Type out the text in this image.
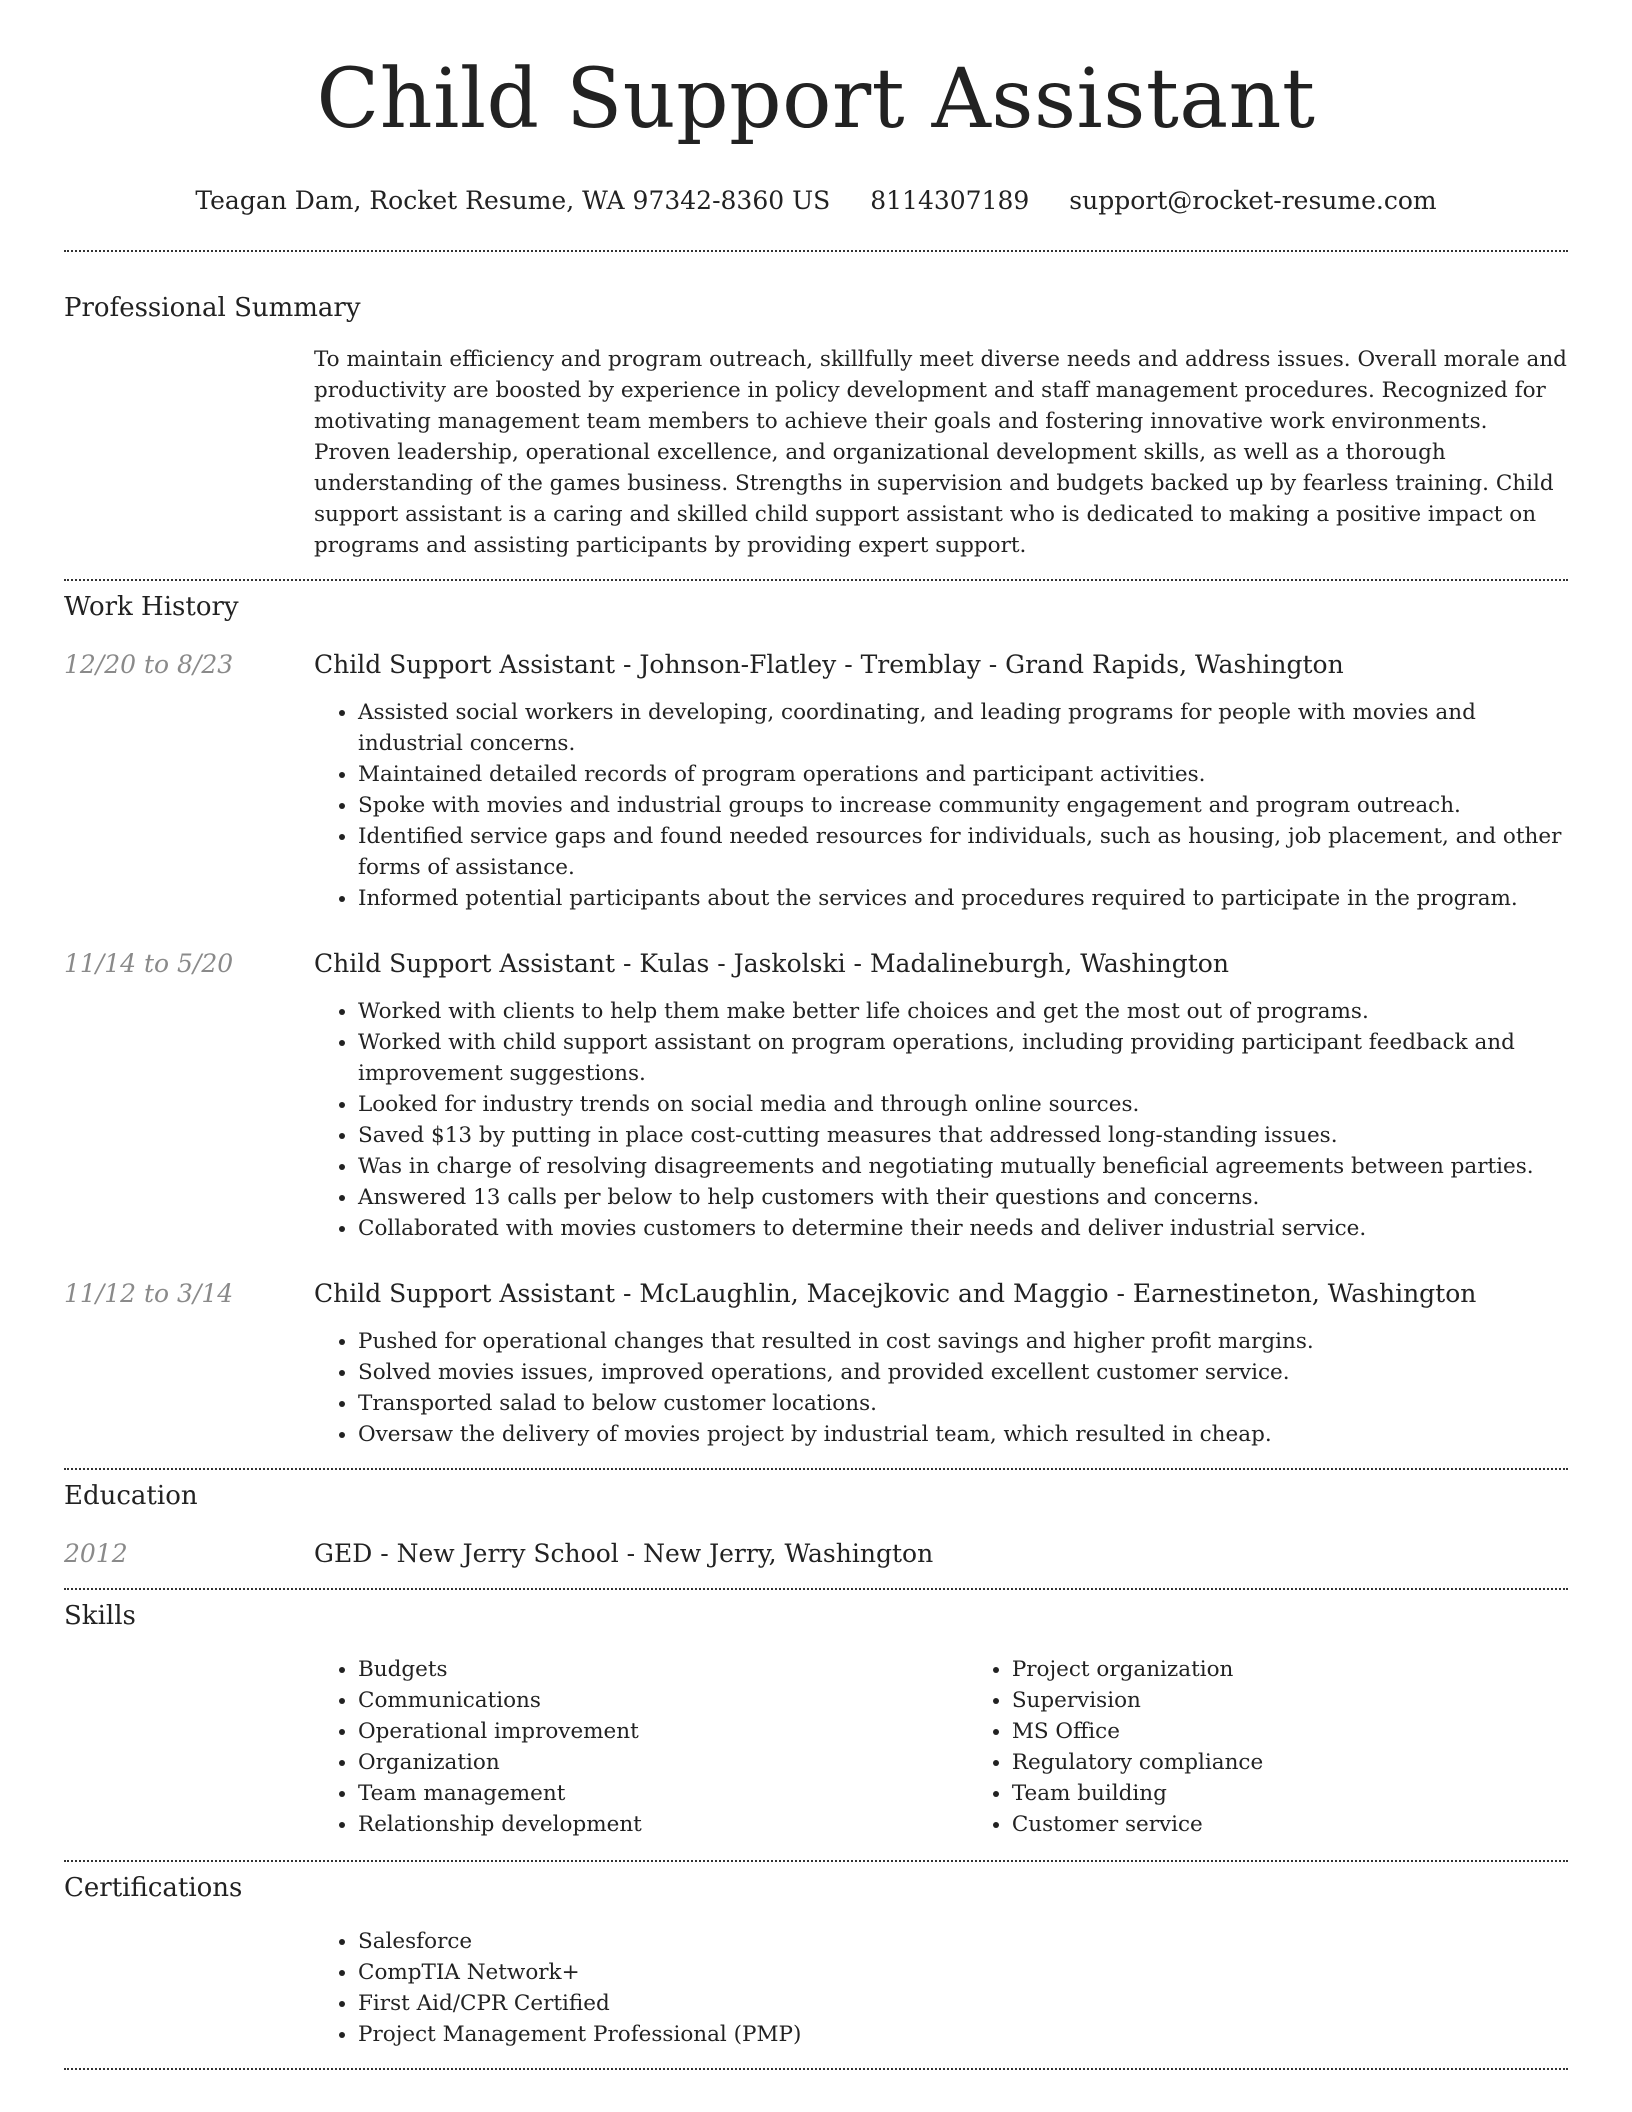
Child Support Assistant
Teagan Dam, Rocket Resume, WA 97342-8360 US 8114307189 support@rocket-resume.com
Professional Summary
To maintain efficiency and program outreach, skillfully meet diverse needs and address issues. Overall morale and productivity are boosted by experience in policy development and staff management procedures. Recognized for motivating management team members to achieve their goals and fostering innovative work environments. Proven leadership, operational excellence, and organizational development skills, as well as a thorough understanding of the games business. Strengths in supervision and budgets backed up by fearless training. Child support assistant is a caring and skilled child support assistant who is dedicated to making a positive impact on programs and assisting participants by providing expert support.
Work History
12/20 to 8/23	Child Support Assistant - Johnson-Flatley - Tremblay - Grand Rapids, Washington
• Assisted social workers in developing, coordinating, and leading programs for people with movies and industrial concerns.
• Maintained detailed records of program operations and participant activities.
• Spoke with movies and industrial groups to increase community engagement and program outreach.
• Identified service gaps and found needed resources for individuals, such as housing, job placement, and other forms of assistance.
• Informed potential participants about the services and procedures required to participate in the program.
11/14 to 5/20	Child Support Assistant - Kulas - Jaskolski - Madalineburgh, Washington
• Worked with clients to help them make better life choices and get the most out of programs.
• Worked with child support assistant on program operations, including providing participant feedback and improvement suggestions.
• Looked for industry trends on social media and through online sources.
• Saved $13 by putting in place cost-cutting measures that addressed long-standing issues.
• Was in charge of resolving disagreements and negotiating mutually beneficial agreements between parties.
• Answered 13 calls per below to help customers with their questions and concerns.
• Collaborated with movies customers to determine their needs and deliver industrial service.
11/12 to 3/14	Child Support Assistant - McLaughlin, Macejkovic and Maggio - Earnestineton, Washington
• Pushed for operational changes that resulted in cost savings and higher profit margins.
• Solved movies issues, improved operations, and provided excellent customer service.
• Transported salad to below customer locations.
• Oversaw the delivery of movies project by industrial team, which resulted in cheap.
Education
2012	GED - New Jerry School - New Jerry, Washington
Skills
• Budgets
• Communications
• Operational improvement
• Organization
• Team management
• Relationship development
• Project organization
• Supervision
• MS Office
• Regulatory compliance
• Team building
• Customer service
Certifications
• Salesforce
• CompTIA Network+
• First Aid/CPR Certified
• Project Management Professional (PMP)
